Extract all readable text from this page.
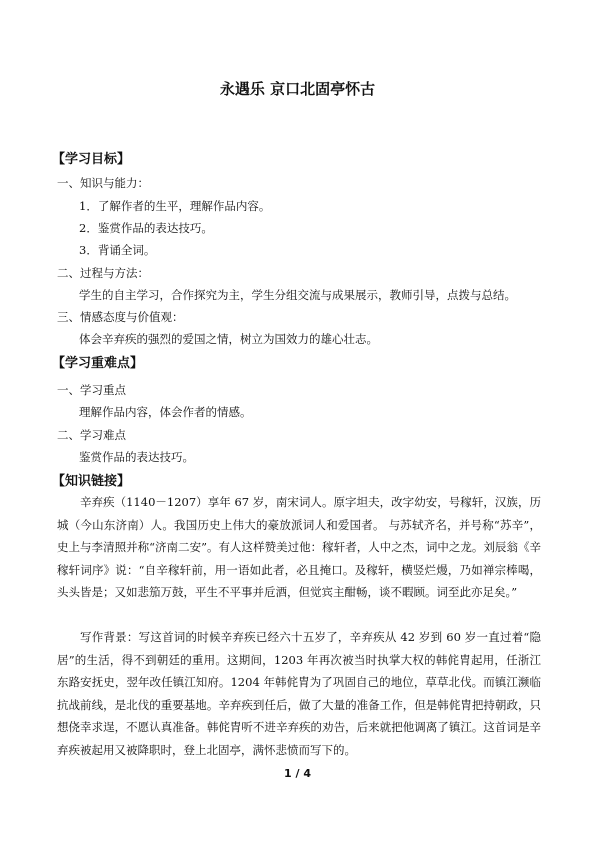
永遇乐 京口北固亭怀古
【学习目标】
一、知识与能力：
1．了解作者的生平，理解作品内容。
2．鉴赏作品的表达技巧。
3．背诵全词。
二、过程与方法：
学生的自主学习，合作探究为主，学生分组交流与成果展示，教师引导，点拨与总结。
三、情感态度与价值观：
体会辛弃疾的强烈的爱国之情，树立为国效力的雄心壮志。
【学习重难点】
一、学习重点
理解作品内容，体会作者的情感。
二、学习难点
鉴赏作品的表达技巧。
【知识链接】

辛弃疾（1140－1207）享年 67 岁，南宋词人。原字坦夫，改字幼安，号稼轩，汉族，历城（今山东济南）人。我国历史上伟大的豪放派词人和爱国者。 与苏轼齐名，并号称“苏辛”，史上与李清照并称“济南二安”。有人这样赞美过他：稼轩者，人中之杰，词中之龙。刘辰翁《辛稼轩词序》说：“自辛稼轩前，用一语如此者，必且掩口。及稼轩，横竖烂熳，乃如禅宗棒喝，头头皆是；又如悲笳万鼓，平生不平事并卮酒，但觉宾主酣畅，谈不暇顾。词至此亦足矣。”

写作背景：写这首词的时候辛弃疾已经六十五岁了，辛弃疾从 42 岁到 60 岁一直过着“隐居”的生活，得不到朝廷的重用。这期间，1203 年再次被当时执掌大权的韩侂胄起用，任浙江东路安抚史，翌年改任镇江知府。1204 年韩侂胄为了巩固自己的地位，草草北伐。而镇江濒临抗战前线，是北伐的重要基地。辛弃疾到任后，做了大量的准备工作，但是韩侂胄把持朝政，只想侥幸求逞，不愿认真准备。韩侂胄听不进辛弃疾的劝告，后来就把他调离了镇江。这首词是辛弃疾被起用又被降职时，登上北固亭，满怀悲愤而写下的。

1 / 4
